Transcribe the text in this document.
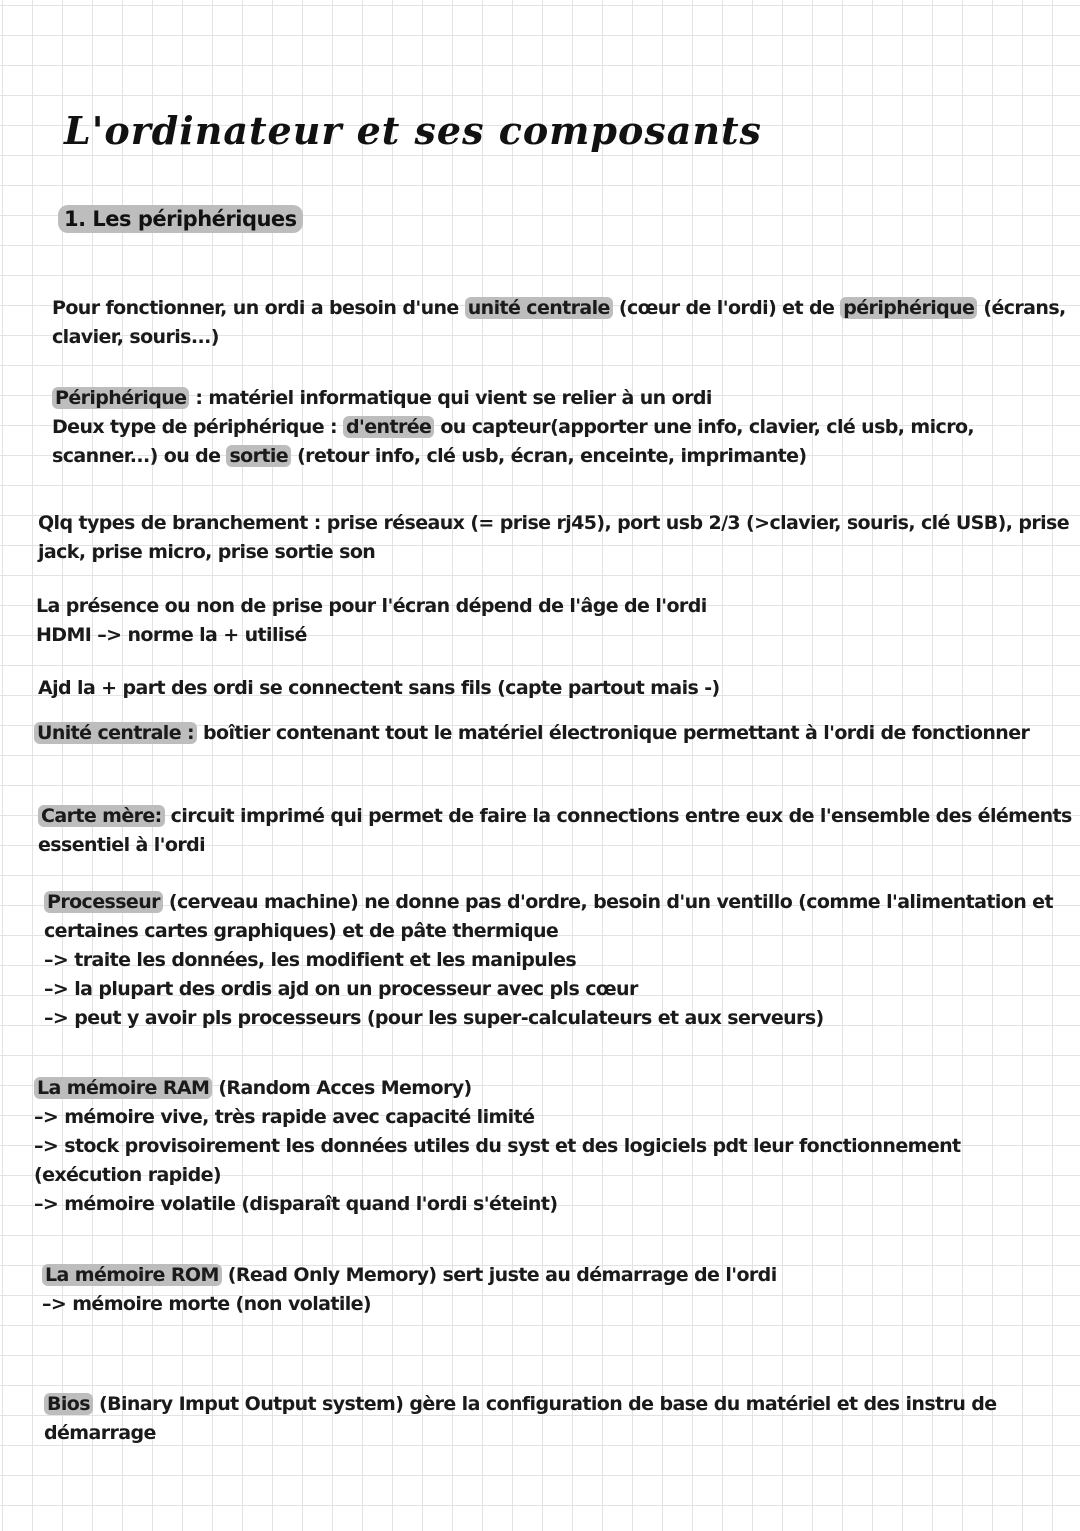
L'ordinateur et ses composants
1. Les périphériques
Pour fonctionner, un ordi a besoin d'une unité centrale (cœur de l'ordi) et de périphérique (écrans,
clavier, souris...)
Périphérique : matériel informatique qui vient se relier à un ordi
Deux type de périphérique : d'entrée ou capteur(apporter une info, clavier, clé usb, micro,
scanner...) ou de sortie (retour info, clé usb, écran, enceinte, imprimante)
Qlq types de branchement : prise réseaux (= prise rj45), port usb 2/3 (>clavier, souris, clé USB), prise
jack, prise micro, prise sortie son
La présence ou non de prise pour l'écran dépend de l'âge de l'ordi
HDMI –> norme la + utilisé
Ajd la + part des ordi se connectent sans fils (capte partout mais -)
Unité centrale : boîtier contenant tout le matériel électronique permettant à l'ordi de fonctionner
Carte mère: circuit imprimé qui permet de faire la connections entre eux de l'ensemble des éléments
essentiel à l'ordi
Processeur (cerveau machine) ne donne pas d'ordre, besoin d'un ventillo (comme l'alimentation et
certaines cartes graphiques) et de pâte thermique
–> traite les données, les modifient et les manipules
–> la plupart des ordis ajd on un processeur avec pls cœur
–> peut y avoir pls processeurs (pour les super-calculateurs et aux serveurs)
La mémoire RAM (Random Acces Memory)
–> mémoire vive, très rapide avec capacité limité
–> stock provisoirement les données utiles du syst et des logiciels pdt leur fonctionnement
(exécution rapide)
–> mémoire volatile (disparaît quand l'ordi s'éteint)
La mémoire ROM (Read Only Memory) sert juste au démarrage de l'ordi
–> mémoire morte (non volatile)
Bios (Binary Imput Output system) gère la configuration de base du matériel et des instru de
démarrage
